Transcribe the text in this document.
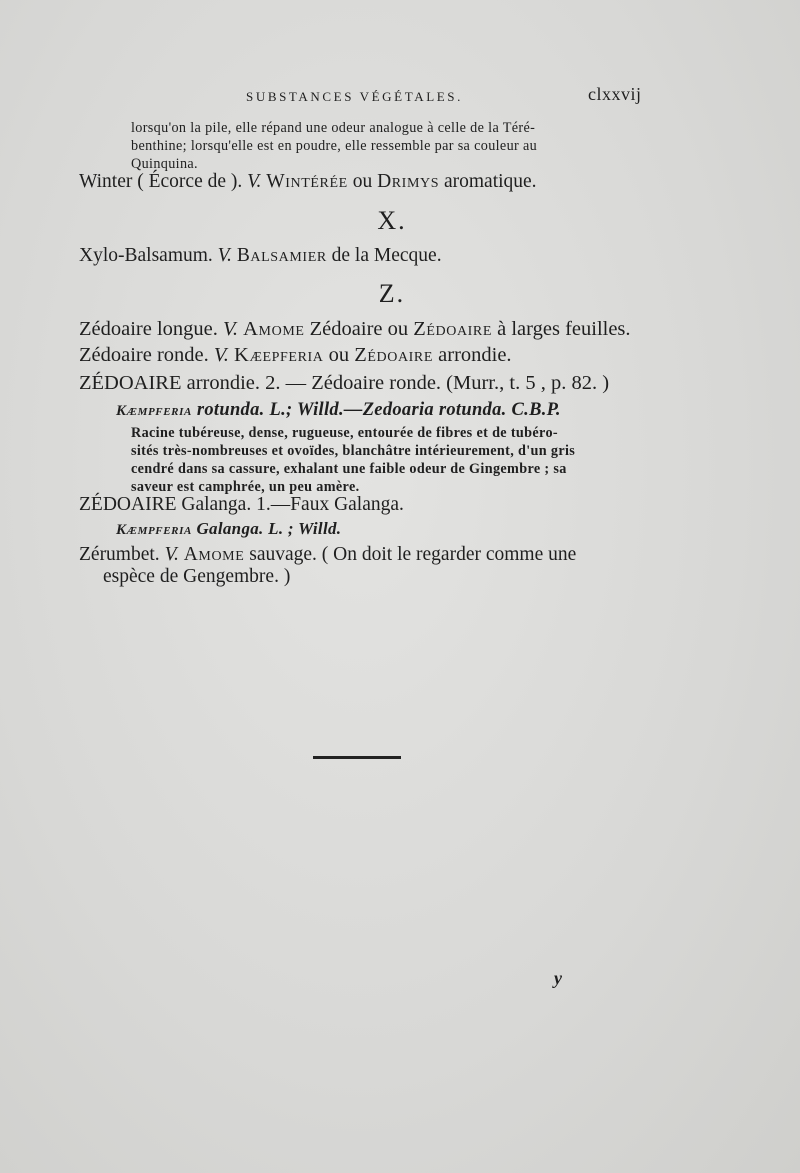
SUBSTANCES VÉGÉTALES.	clxxvij
lorsqu'on la pile, elle répand une odeur analogue à celle de la Téré-
benthine; lorsqu'elle est en poudre, elle ressemble par sa couleur au
Quinquina.
Winter ( Écorce de ). V. Wintérée ou Drimys aromatique.
X.
Xylo-Balsamum. V. Balsamier de la Mecque.
Z.
Zédoaire longue. V. Amome Zédoaire ou Zédoaire à larges feuilles.
Zédoaire ronde. V. Kæepferia ou Zédoaire arrondie.
ZÉDOAIRE arrondie. 2. — Zédoaire ronde. (Murr., t. 5 , p. 82. )
Kæmpferia rotunda. L.; Willd.—Zedoaria rotunda. C.B.P.
Racine tubéreuse, dense, rugueuse, entourée de fibres et de tubéro-
sités très-nombreuses et ovoïdes, blanchâtre intérieurement, d'un gris
cendré dans sa cassure, exhalant une faible odeur de Gingembre ; sa
saveur est camphrée, un peu amère.
ZÉDOAIRE Galanga. 1.—Faux Galanga.
Kæmpferia Galanga. L. ; Willd.
Zérumbet. V. Amome sauvage. ( On doit le regarder comme une
espèce de Gengembre. )
y
